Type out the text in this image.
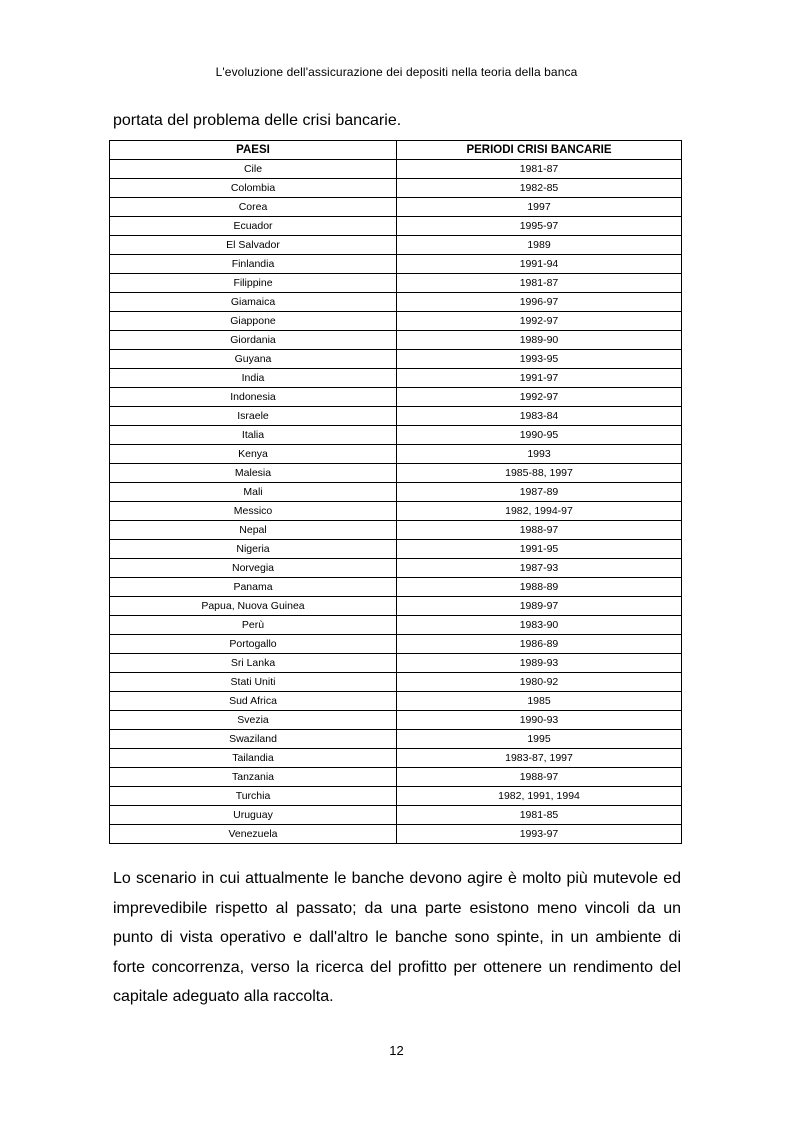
L'evoluzione dell'assicurazione dei depositi nella teoria della banca
portata del problema delle crisi bancarie.
PAESI	PERIODI CRISI BANCARIE
Cile	1981-87
Colombia	1982-85
Corea	1997
Ecuador	1995-97
El Salvador	1989
Finlandia	1991-94
Filippine	1981-87
Giamaica	1996-97
Giappone	1992-97
Giordania	1989-90
Guyana	1993-95
India	1991-97
Indonesia	1992-97
Israele	1983-84
Italia	1990-95
Kenya	1993
Malesia	1985-88, 1997
Mali	1987-89
Messico	1982, 1994-97
Nepal	1988-97
Nigeria	1991-95
Norvegia	1987-93
Panama	1988-89
Papua, Nuova Guinea	1989-97
Perù	1983-90
Portogallo	1986-89
Sri Lanka	1989-93
Stati Uniti	1980-92
Sud Africa	1985
Svezia	1990-93
Swaziland	1995
Tailandia	1983-87, 1997
Tanzania	1988-97
Turchia	1982, 1991, 1994
Uruguay	1981-85
Venezuela	1993-97

Lo scenario in cui attualmente le banche devono agire è molto più mutevole ed imprevedibile rispetto al passato; da una parte esistono meno vincoli da un punto di vista operativo e dall'altro le banche sono spinte, in un ambiente di forte concorrenza, verso la ricerca del profitto per ottenere un rendimento del capitale adeguato alla raccolta.

12
